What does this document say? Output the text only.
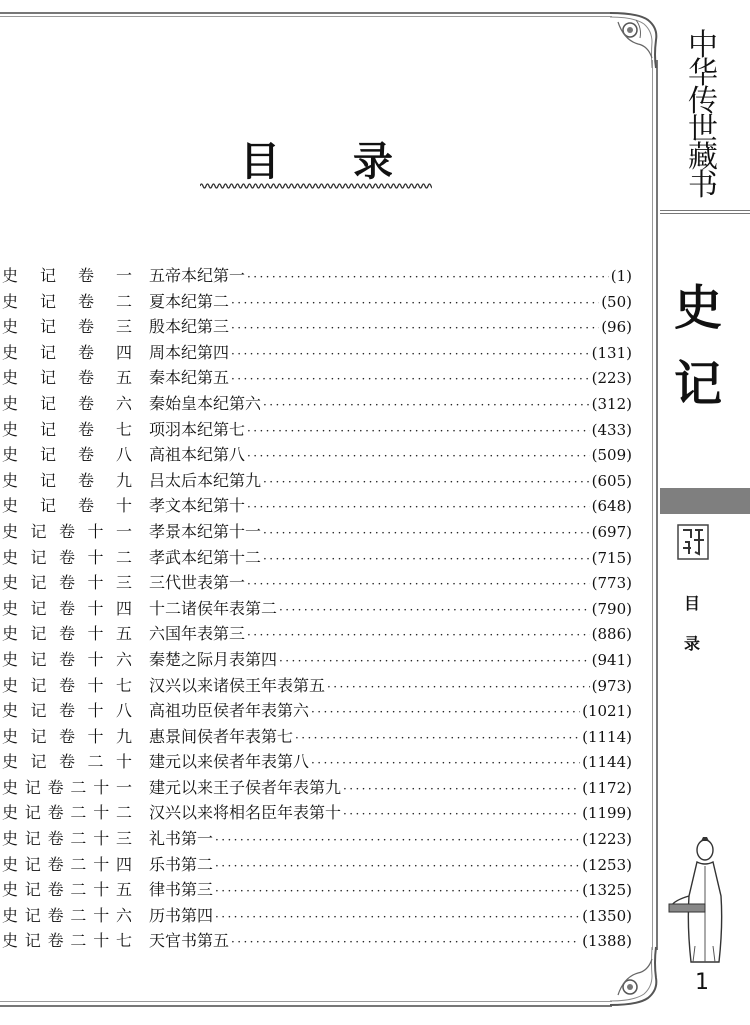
目 录
中
华
传
世
藏
书
史
记
目
录
1
史 记 卷 一 五帝本纪第一 ·····	(1)
史 记 卷 二 夏本纪第二 ·····	(50)
史 记 卷 三 殷本纪第三 ·····	(96)
史 记 卷 四 周本纪第四 ·····	(131)
史 记 卷 五 秦本纪第五 ·····	(223)
史 记 卷 六 秦始皇本纪第六 ·····	(312)
史 记 卷 七 项羽本纪第七 ·····	(433)
史 记 卷 八 高祖本纪第八 ·····	(509)
史 记 卷 九 吕太后本纪第九 ·····	(605)
史 记 卷 十 孝文本纪第十 ·····	(648)
史 记 卷 十 一 孝景本纪第十一 ·····	(697)
史 记 卷 十 二 孝武本纪第十二 ·····	(715)
史 记 卷 十 三 三代世表第一 ·····	(773)
史 记 卷 十 四 十二诸侯年表第二 ·····	(790)
史 记 卷 十 五 六国年表第三 ·····	(886)
史 记 卷 十 六 秦楚之际月表第四 ·····	(941)
史 记 卷 十 七 汉兴以来诸侯王年表第五 ·····	(973)
史 记 卷 十 八 高祖功臣侯者年表第六 ·····	(1021)
史 记 卷 十 九 惠景间侯者年表第七 ·····	(1114)
史 记 卷 二 十 建元以来侯者年表第八 ·····	(1144)
史 记 卷 二 十 一 建元以来王子侯者年表第九 ·····	(1172)
史 记 卷 二 十 二 汉兴以来将相名臣年表第十 ·····	(1199)
史 记 卷 二 十 三 礼书第一 ·····	(1223)
史 记 卷 二 十 四 乐书第二 ·····	(1253)
史 记 卷 二 十 五 律书第三 ·····	(1325)
史 记 卷 二 十 六 历书第四 ·····	(1350)
史 记 卷 二 十 七 天官书第五 ·····	(1388)
